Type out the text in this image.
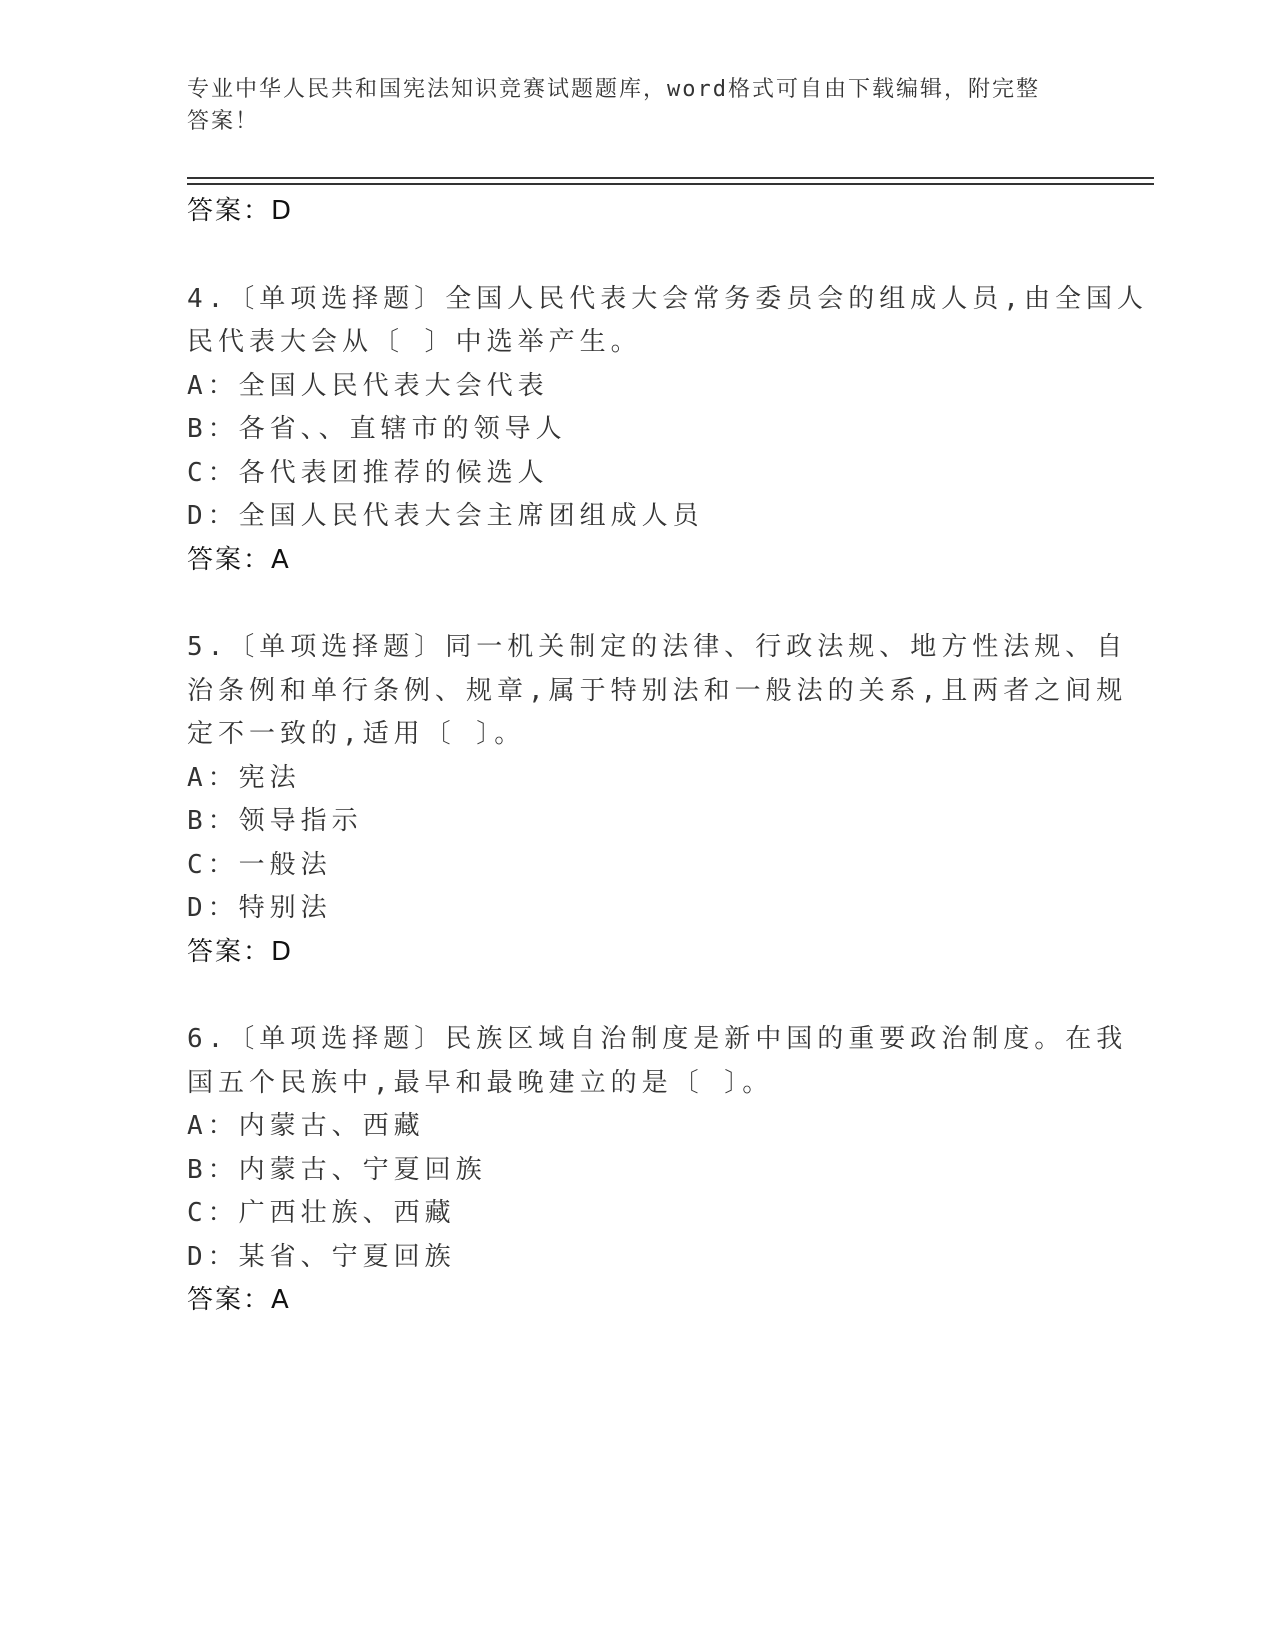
专业中华人民共和国宪法知识竞赛试题题库，word格式可自由下载编辑，附完整
答案！
答案：D
4.〔单项选择题〕全国人民代表大会常务委员会的组成人员,由全国人
民代表大会从〔 〕中选举产生。
A：全国人民代表大会代表
B：各省、、直辖市的领导人
C：各代表团推荐的候选人
D：全国人民代表大会主席团组成人员
答案：A
5.〔单项选择题〕同一机关制定的法律、行政法规、地方性法规、自
治条例和单行条例、规章,属于特别法和一般法的关系,且两者之间规
定不一致的,适用〔 〕。
A：宪法
B：领导指示
C：一般法
D：特别法
答案：D
6.〔单项选择题〕民族区域自治制度是新中国的重要政治制度。在我
国五个民族中,最早和最晚建立的是〔 〕。
A：内蒙古、西藏
B：内蒙古、宁夏回族
C：广西壮族、西藏
D：某省、宁夏回族
答案：A
